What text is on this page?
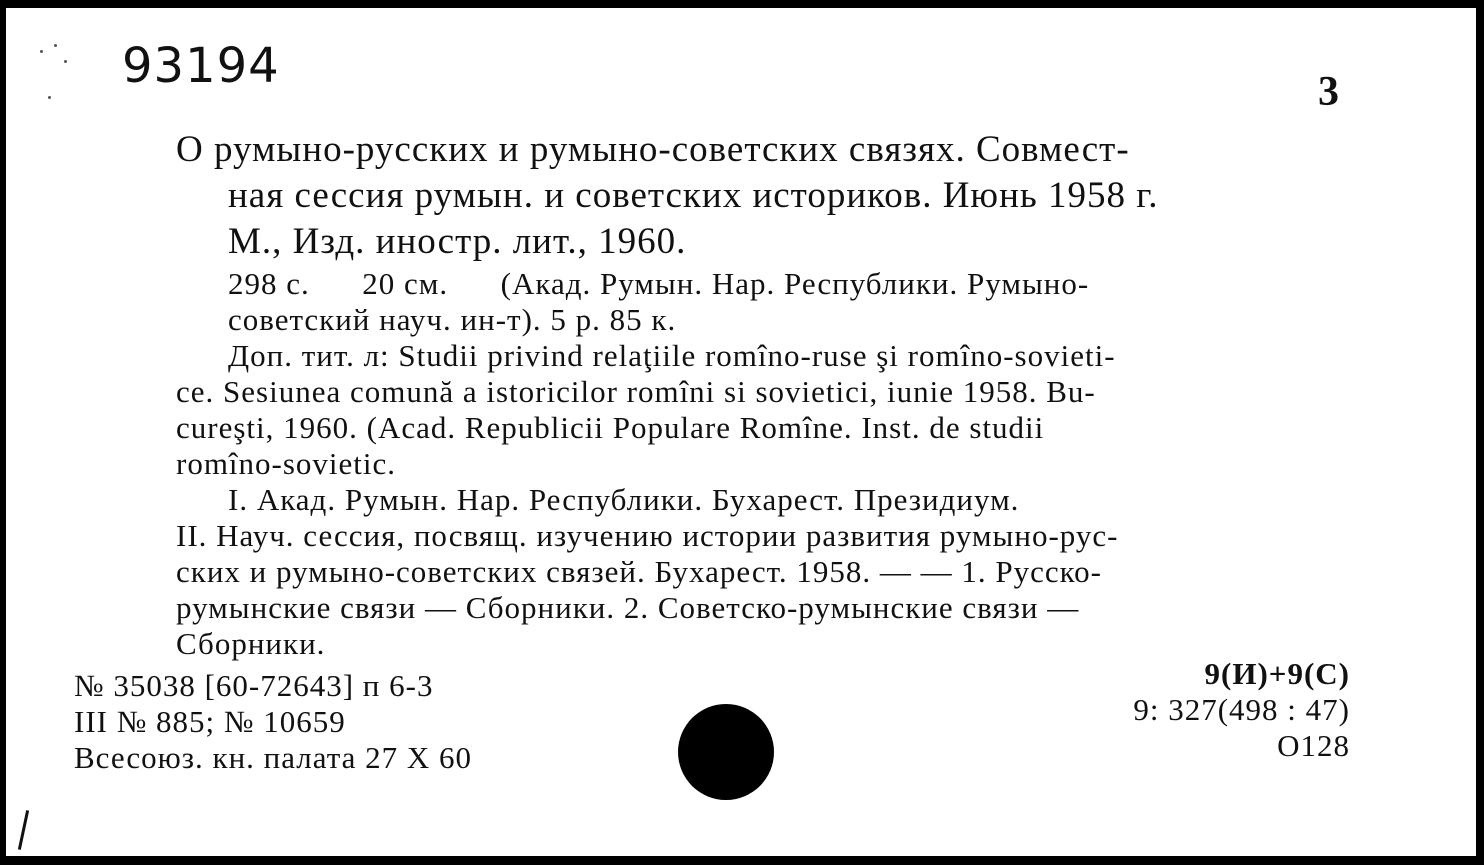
93194	3
О румыно-русских и румыно-советских связях. Совмест-
ная сессия румын. и советских историков. Июнь 1958 г.
М., Изд. иностр. лит., 1960.
298 с.      20 см.      (Акад. Румын. Нар. Республики. Румыно-
советский науч. ин-т). 5 р. 85 к.
Доп. тит. л: Studii privind relaţiile romîno-ruse şi romîno-sovieti-
ce. Sesiunea comună a istoricilor romîni si sovietici, iunie 1958. Bu-
cureşti, 1960. (Acad. Republicii Populare Romîne. Inst. de studii
romîno-sovietic.
I. Акад. Румын. Нар. Республики. Бухарест. Президиум.
II. Науч. сессия, посвящ. изучению истории развития румыно-рус-
ских и румыно-советских связей. Бухарест. 1958. — — 1. Русско-
румынские связи — Сборники. 2. Советско-румынские связи —
Сборники.
№ 35038 [60-72643] п 6-3
III № 885; № 10659
Всесоюз. кн. палата 27 X 60
9(И)+9(С)
9: 327(498 : 47)
O128
